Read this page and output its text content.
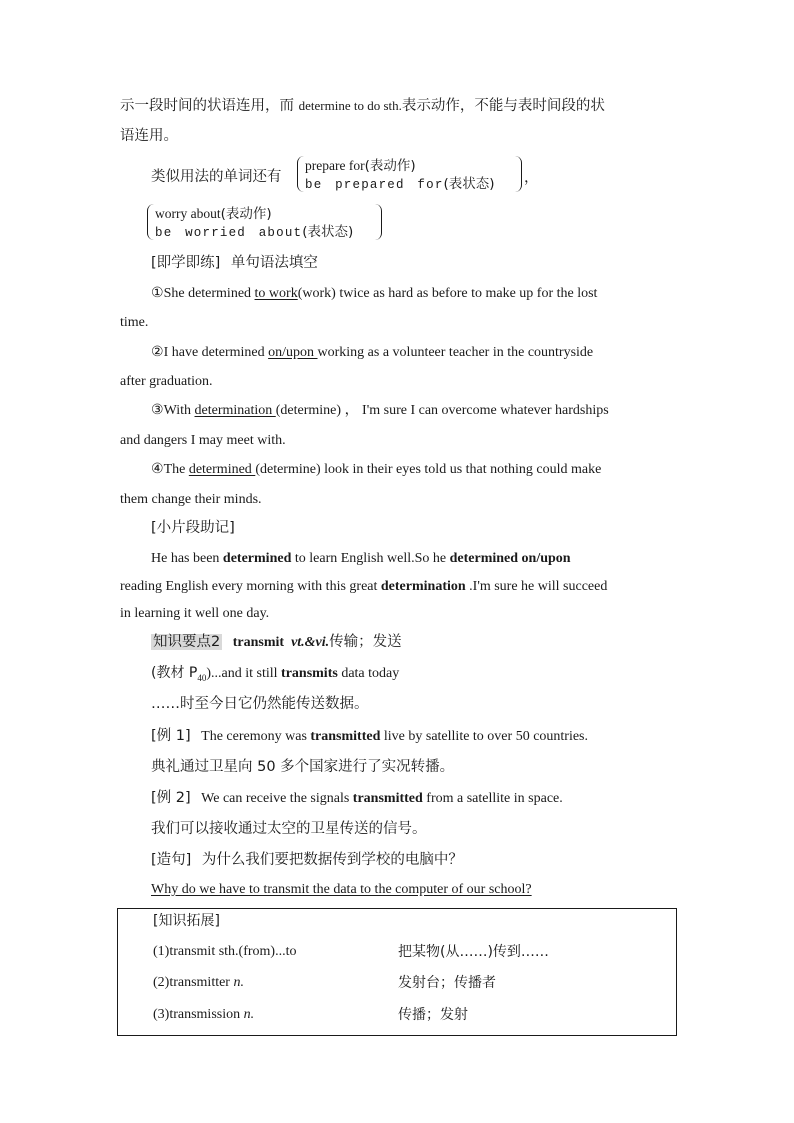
示一段时间的状语连用，而 determine to do sth.表示动作，不能与表时间段的状
语连用。
类似用法的单词还有
prepare for(表动作)
be prepared for(表状态) ，
worry about(表动作)
be worried about(表状态)
[即学即练] 单句语法填空
①She determined to work(work) twice as hard as before to make up for the lost
time.
②I have determined on/upon working as a volunteer teacher in the countryside
after graduation.
③With determination (determine) ， I'm sure I can overcome whatever hardships
and dangers I may meet with.
④The determined (determine) look in their eyes told us that nothing could make
them change their minds.
[小片段助记]
He has been determined to learn English well.So he determined on/upon
reading English every morning with this great determination .I'm sure he will succeed
in learning it well one day.
知识要点2 transmit vt.&vi.传输；发送
(教材 $P_{40})...and$ it still transmits data today
……时至今日它仍然能传送数据。
[例 1] The ceremony was transmitted live by satellite to over 50 countries.
典礼通过卫星向 50 多个国家进行了实况转播。
[例 2] We can receive the signals transmitted from a satellite in space.
我们可以接收通过太空的卫星传送的信号。
[造句] 为什么我们要把数据传到学校的电脑中？
Why do we have to transmit the data to the computer of our school?
[知识拓展]
(1)transmit sth.(from)...to	把某物(从……)传到……
(2)transmitter n.	发射台；传播者
(3)transmission n.	传播；发射
